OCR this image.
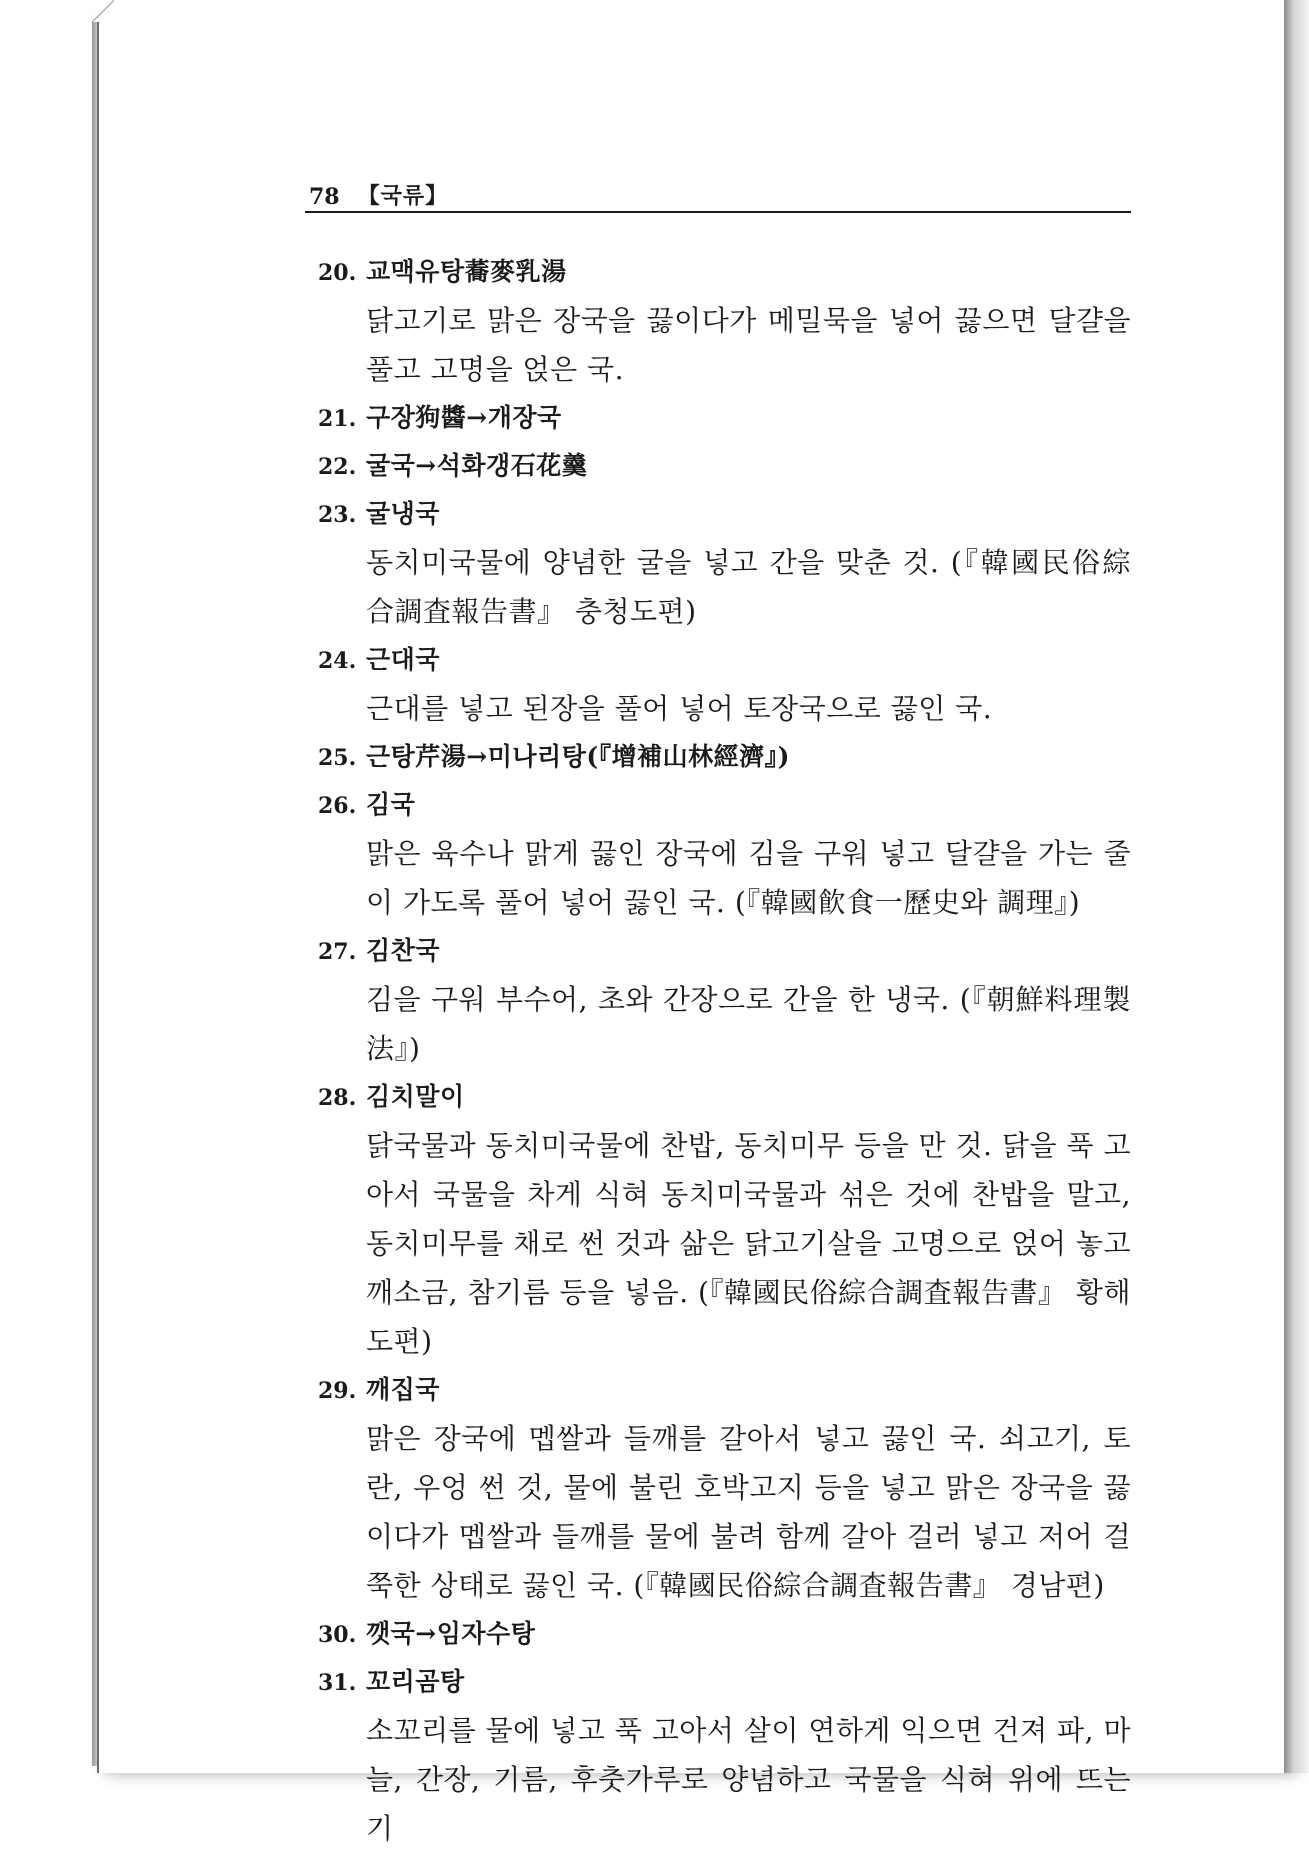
78 【국류】
20. 교맥유탕蕎麥乳湯
닭고기로 맑은 장국을 끓이다가 메밀묵을 넣어 끓으면 달걀을 풀고 고명을 얹은 국.
21. 구장狗醬→개장국
22. 굴국→석화갱石花羹
23. 굴냉국
동치미국물에 양념한 굴을 넣고 간을 맞춘 것. (『韓國民俗綜合調査報告書』 충청도편)
24. 근대국
근대를 넣고 된장을 풀어 넣어 토장국으로 끓인 국.
25. 근탕芹湯→미나리탕(『增補山林經濟』)
26. 김국
맑은 육수나 맑게 끓인 장국에 김을 구워 넣고 달걀을 가는 줄이 가도록 풀어 넣어 끓인 국. (『韓國飮食一歷史와 調理』)
27. 김찬국
김을 구워 부수어, 초와 간장으로 간을 한 냉국. (『朝鮮料理製法』)
28. 김치말이
닭국물과 동치미국물에 찬밥, 동치미무 등을 만 것. 닭을 푹 고아서 국물을 차게 식혀 동치미국물과 섞은 것에 찬밥을 말고, 동치미무를 채로 썬 것과 삶은 닭고기살을 고명으로 얹어 놓고 깨소금, 참기름 등을 넣음. (『韓國民俗綜合調査報告書』 황해도편)
29. 깨집국
맑은 장국에 멥쌀과 들깨를 갈아서 넣고 끓인 국. 쇠고기, 토란, 우엉 썬 것, 물에 불린 호박고지 등을 넣고 맑은 장국을 끓이다가 멥쌀과 들깨를 물에 불려 함께 갈아 걸러 넣고 저어 걸쭉한 상태로 끓인 국. (『韓國民俗綜合調査報告書』 경남편)
30. 깻국→임자수탕
31. 꼬리곰탕
소꼬리를 물에 넣고 푹 고아서 살이 연하게 익으면 건져 파, 마늘, 간장, 기름, 후춧가루로 양념하고 국물을 식혀 위에 뜨는 기
